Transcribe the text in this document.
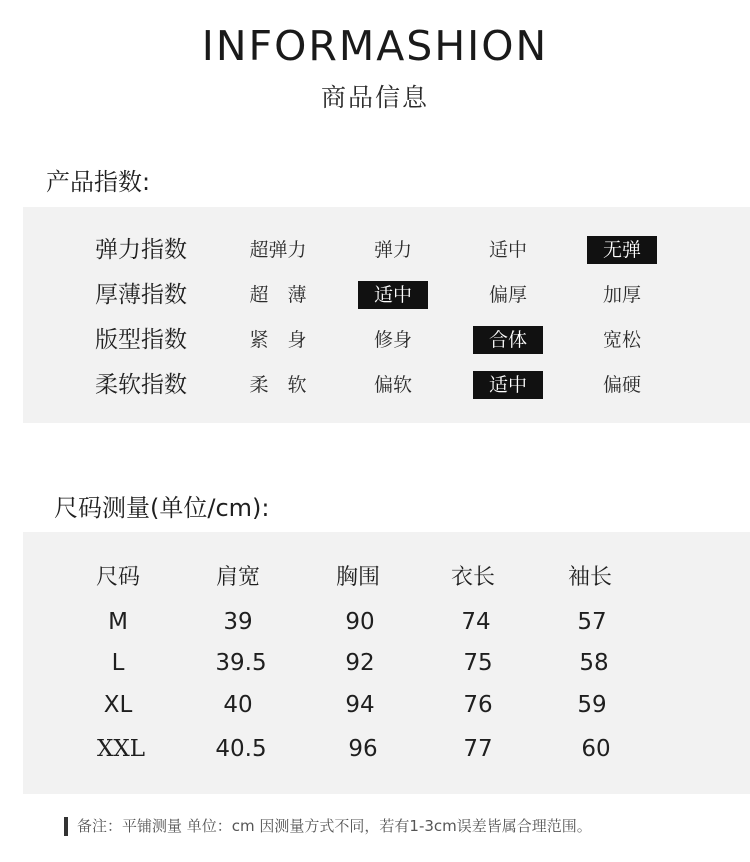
INFORMASHION
商品信息
产品指数:
弹力指数	超弹力	弹力	适中	无弹
厚薄指数	超　薄	适中	偏厚	加厚
版型指数	紧　身	修身	合体	宽松
柔软指数	柔　软	偏软	适中	偏硬
尺码测量(单位/cm):
尺码	肩宽	胸围	衣长	袖长
M	39	90	74	57
L	39.5	92	75	58
XL	40	94	76	59
XXL	40.5	96	77	60
备注：平铺测量 单位：cm 因测量方式不同，若有1-3cm误差皆属合理范围。
